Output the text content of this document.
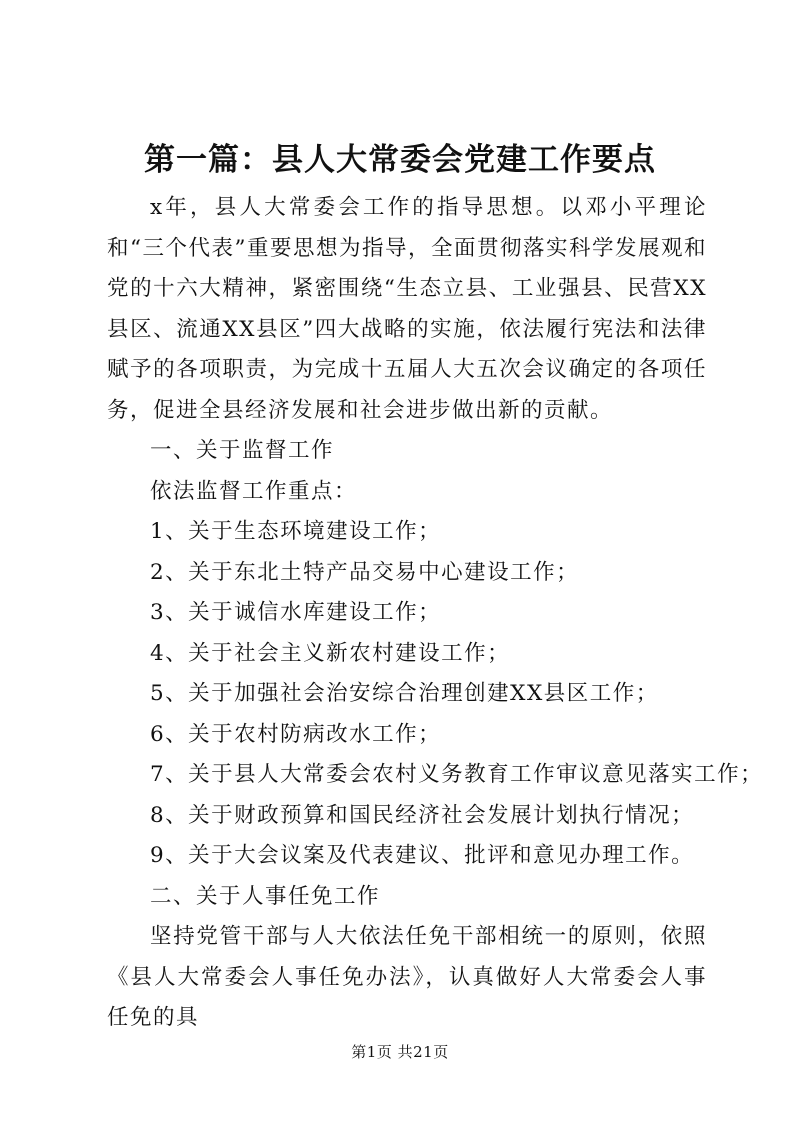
第一篇：县人大常委会党建工作要点

x年，县人大常委会工作的指导思想。以邓小平理论和“三个代表”重要思想为指导，全面贯彻落实科学发展观和党的十六大精神，紧密围绕“生态立县、工业强县、民营XX县区、流通XX县区”四大战略的实施，依法履行宪法和法律赋予的各项职责，为完成十五届人大五次会议确定的各项任务，促进全县经济发展和社会进步做出新的贡献。

一、关于监督工作

依法监督工作重点：

1、关于生态环境建设工作；

2、关于东北土特产品交易中心建设工作；

3、关于诚信水库建设工作；

4、关于社会主义新农村建设工作；

5、关于加强社会治安综合治理创建XX县区工作；

6、关于农村防病改水工作；

7、关于县人大常委会农村义务教育工作审议意见落实工作；

8、关于财政预算和国民经济社会发展计划执行情况；

9、关于大会议案及代表建议、批评和意见办理工作。

二、关于人事任免工作

坚持党管干部与人大依法任免干部相统一的原则，依照《县人大常委会人事任免办法》，认真做好人大常委会人事任免的具

第1页 共21页
